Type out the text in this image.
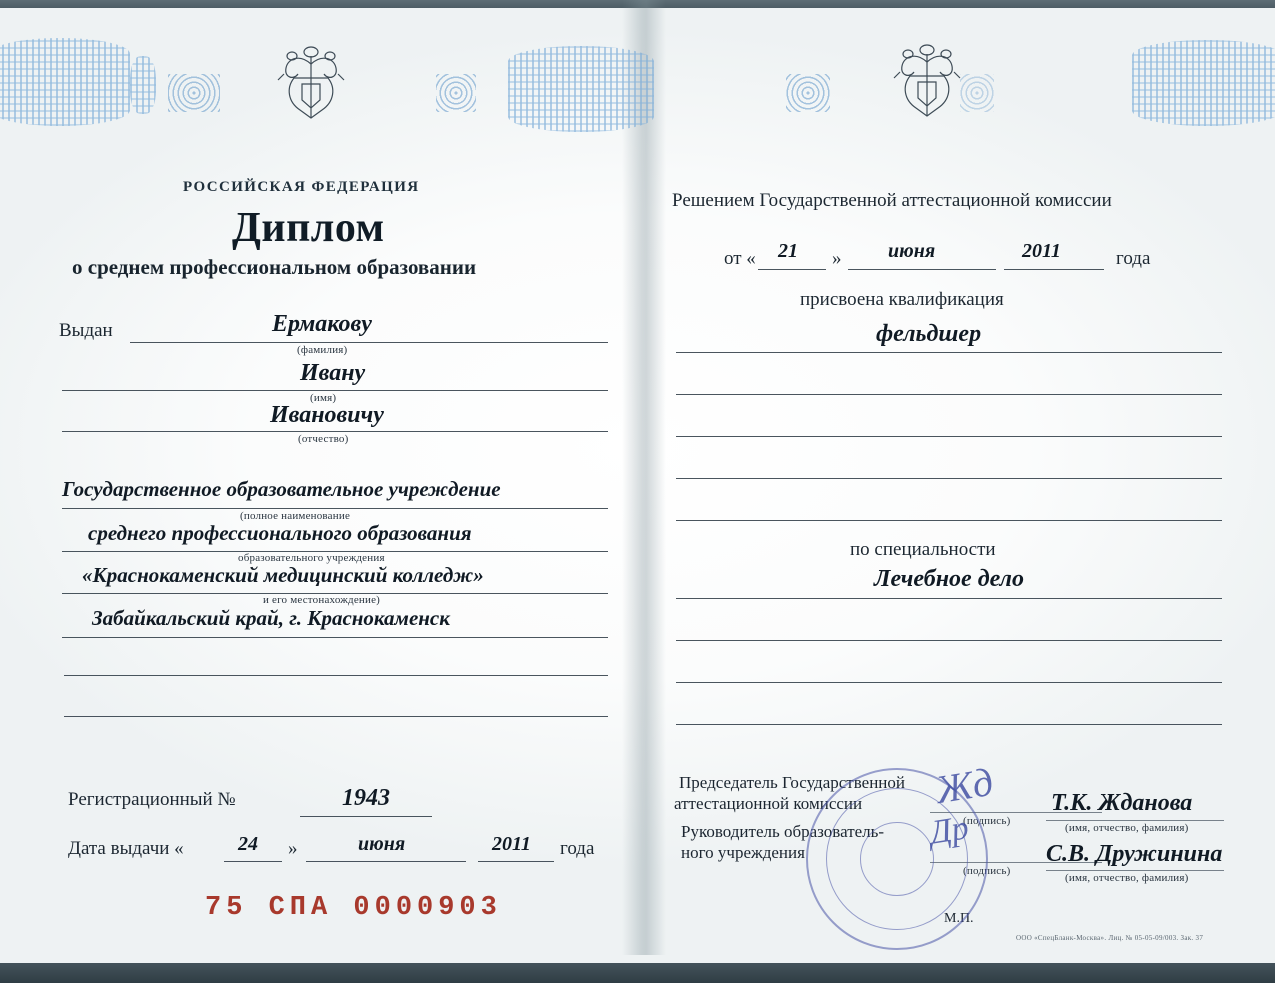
РОССИЙСКАЯ ФЕДЕРАЦИЯ
Диплом
о среднем профессиональном образовании
Выдан	Ермакову
(фамилия)
Ивану
(имя)
Ивановичу
(отчество)
Государственное образовательное учреждение
(полное наименование
среднего профессионального образования
образовательного учреждения
«Краснокаменский медицинский колледж»
и его местонахождение)
Забайкальский край, г. Краснокаменск
Регистрационный №	1943
Дата выдачи «	24 »	июня	2011 года
75 СПА 0000903
Решением Государственной аттестационной комиссии
от « 21 » июня	2011	года
присвоена квалификация
фельдшер
по специальности
Лечебное дело
Председатель Государственной
аттестационной комиссии
(подпись)
Т.К. Жданова
(имя, отчество, фамилия)
Руководитель образователь-
ного учреждения
(подпись)
С.В. Дружинина
(имя, отчество, фамилия)
М.П.
Жд
Др
ООО «СпецБланк-Москва». Лиц. № 05-05-09/003. Зак. 37
